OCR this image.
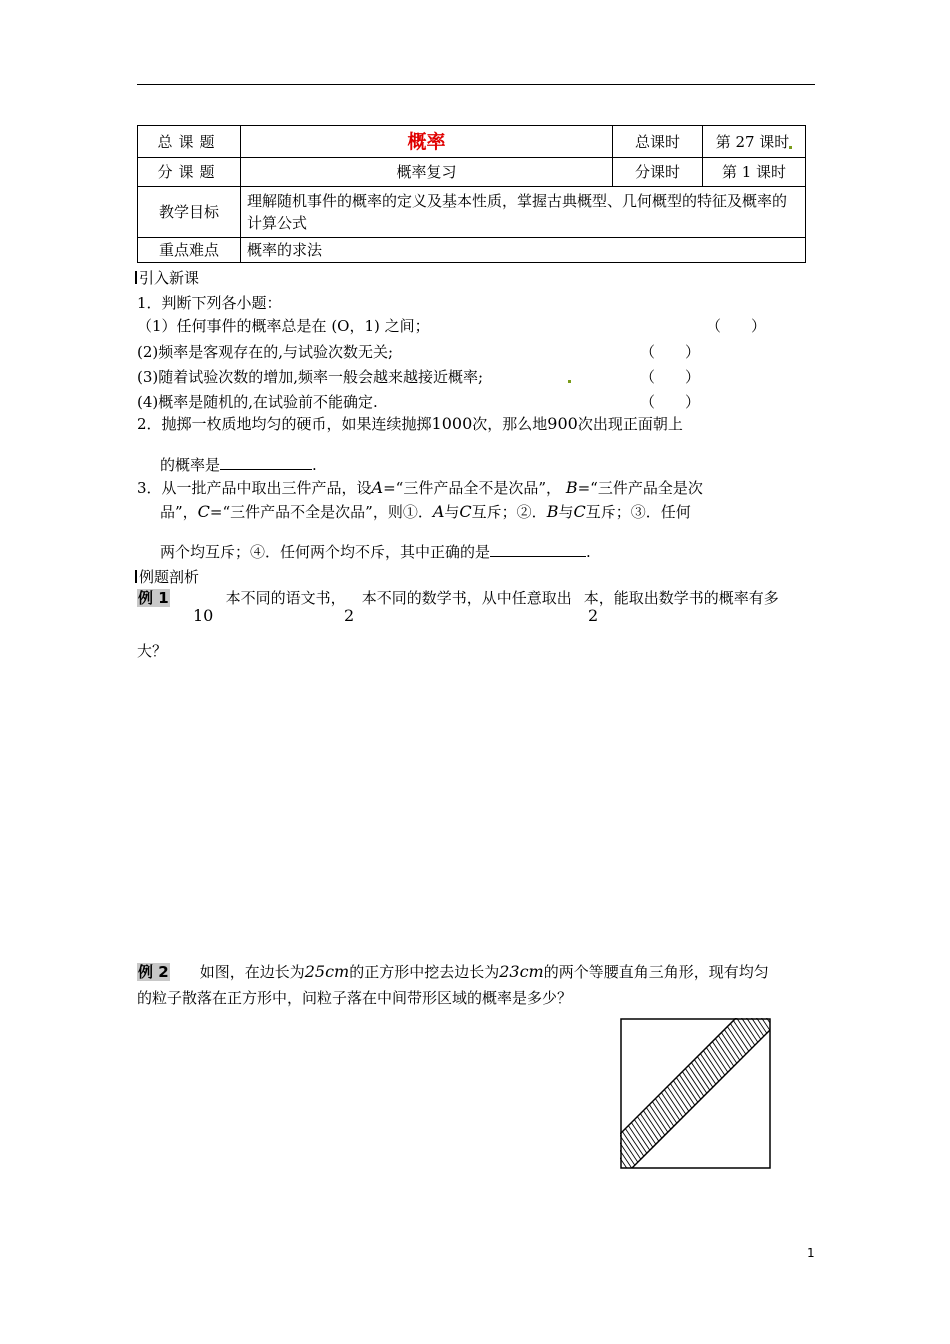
总课题	概率	总课时	第 27 课时
分课题	概率复习	分课时	第 1 课时
教学目标	理解随机事件的概率的定义及基本性质，掌握古典概型、几何概型的特征及概率的计算公式		
重点难点	概率的求法		
引入新课
1．判断下列各小题：
（1）任何事件的概率总是在 (O，1) 之间；	（　　）
(2)频率是客观存在的,与试验次数无关;	（　　）
(3)随着试验次数的增加,频率一般会越来越接近概率;	（　　）
(4)概率是随机的,在试验前不能确定.	（　　）
2．抛掷一枚质地均匀的硬币，如果连续抛掷1000次，那么地900次出现正面朝上
的概率是	.
3．从一批产品中取出三件产品，设A=“三件产品全不是次品”， B=“三件产品全是次
品”，C=“三件产品不全是次品”，则①．A与C互斥；②．B与C互斥；③．任何
两个均互斥；④．任何两个均不斥，其中正确的是	.
例题剖析
例 1	本不同的语文书， 本不同的数学书，从中任意取出 本，能取出数学书的概率有多
10	2	2
大？
例 2　　 如图，在边长为25cm的正方形中挖去边长为23cm的两个等腰直角三角形，现有均匀
的粒子散落在正方形中，问粒子落在中间带形区域的概率是多少？
1
